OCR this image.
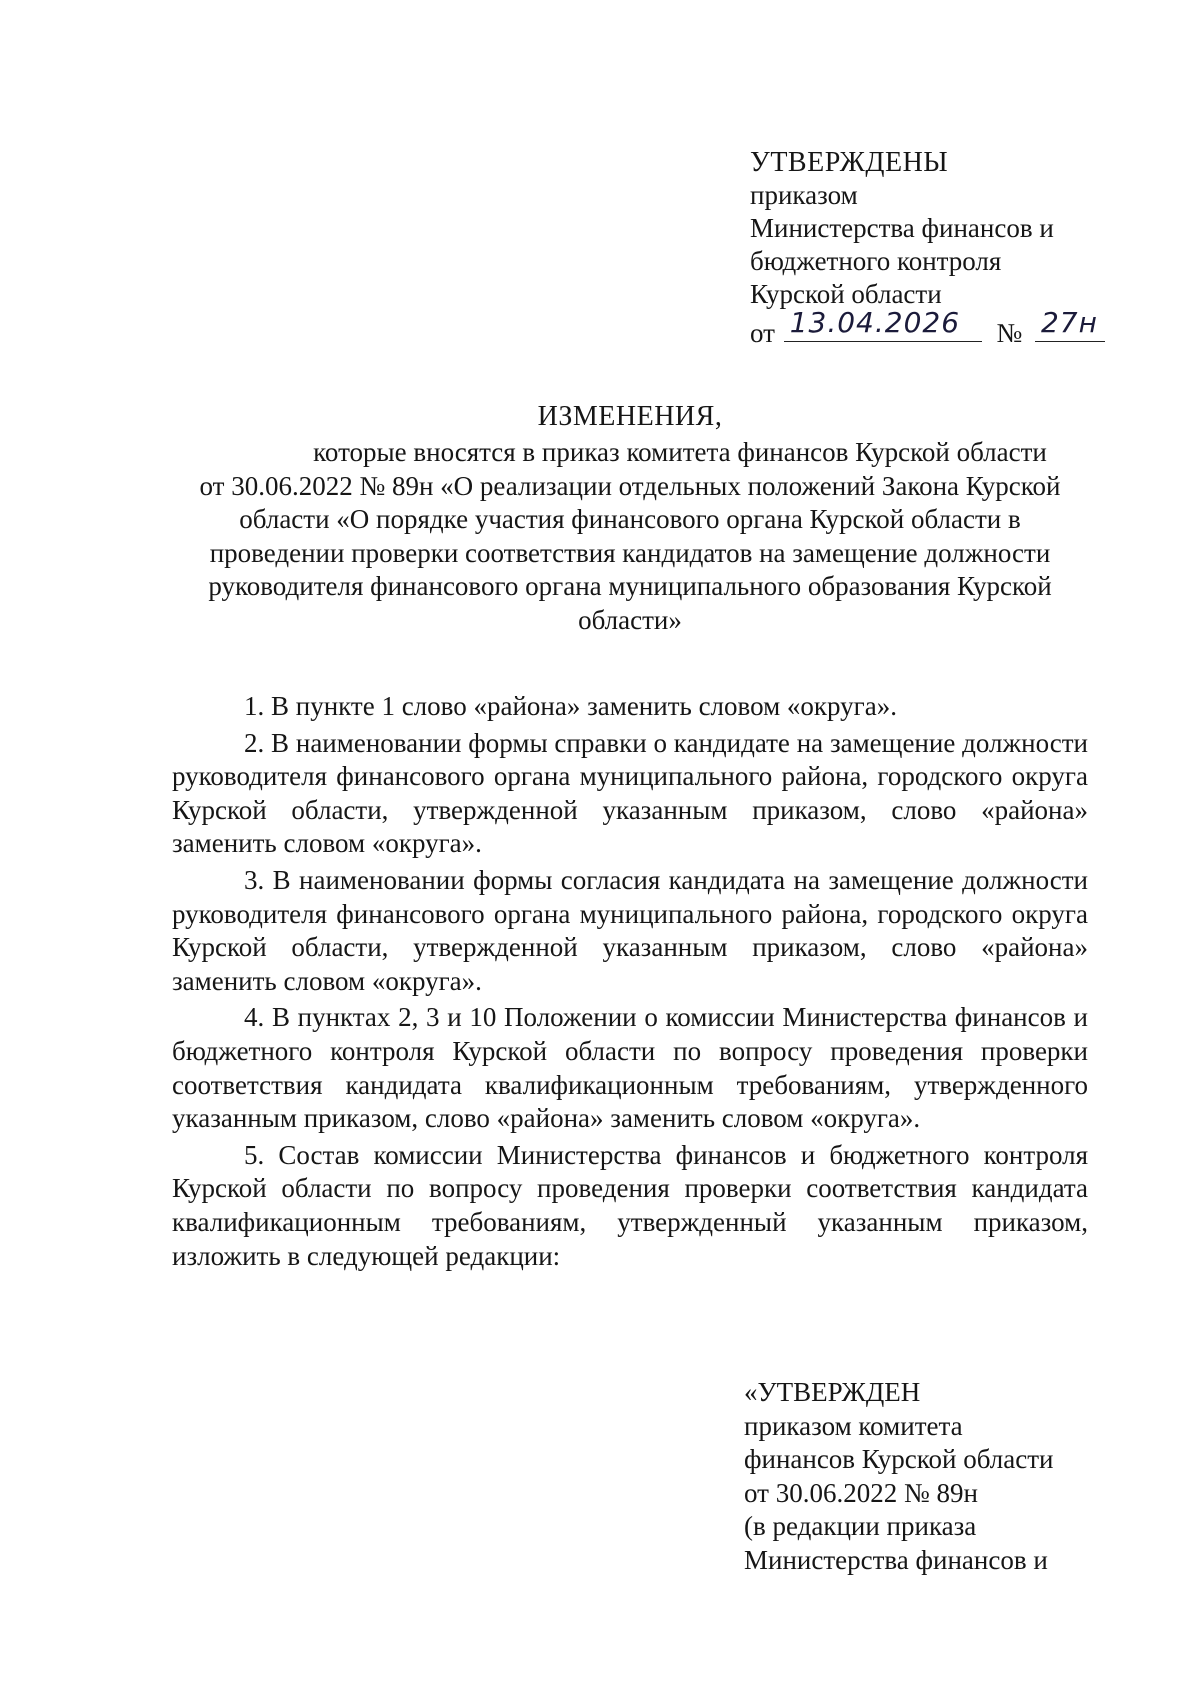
УТВЕРЖДЕНЫ
приказом
Министерства финансов и
бюджетного контроля
Курской области
от 13.04.2026 № 27н
ИЗМЕНЕНИЯ,
которые вносятся в приказ комитета финансов Курской области
от 30.06.2022 № 89н «О реализации отдельных положений Закона Курской
области «О порядке участия финансового органа Курской области в
проведении проверки соответствия кандидатов на замещение должности
руководителя финансового органа муниципального образования Курской
области»

1. В пункте 1 слово «района» заменить словом «округа».

2. В наименовании формы справки о кандидате на замещение должности руководителя финансового органа муниципального района, городского округа Курской области, утвержденной указанным приказом, слово «района» заменить словом «округа».

3. В наименовании формы согласия кандидата на замещение должности руководителя финансового органа муниципального района, городского округа Курской области, утвержденной указанным приказом, слово «района» заменить словом «округа».

4. В пунктах 2, 3 и 10 Положении о комиссии Министерства финансов и бюджетного контроля Курской области по вопросу проведения проверки соответствия кандидата квалификационным требованиям, утвержденного указанным приказом, слово «района» заменить словом «округа».

5. Состав комиссии Министерства финансов и бюджетного контроля Курской области по вопросу проведения проверки соответствия кандидата квалификационным требованиям, утвержденный указанным приказом, изложить в следующей редакции:

«УТВЕРЖДЕН
приказом комитета
финансов Курской области
от 30.06.2022 № 89н
(в редакции приказа
Министерства финансов и
